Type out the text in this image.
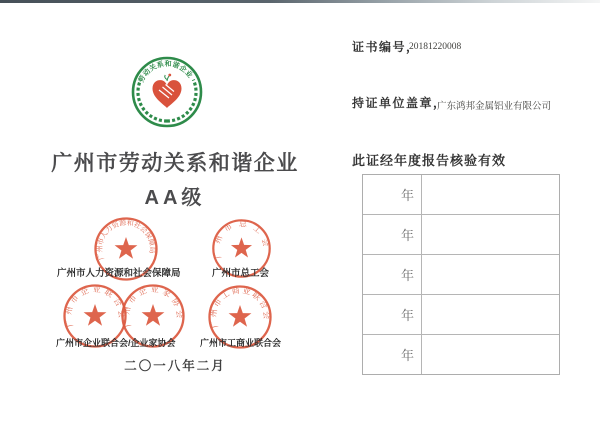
劳动关系和谐企业
广州市劳动关系和谐企业
AA级
广州市人力资源和社会保障局	广州市总工会
广州市人力资源和社会保障局	广州市总工会
广州市企业联合会
广州市企业家协会
广州市工商业联合会
广州市企业联合会/企业家协会	广州市工商业联合会
二〇一八年二月
证书编号，
20181220008
持证单位盖章，
广东鸿邦金属铝业有限公司
此证经年度报告核验有效
年
年
年
年
年
